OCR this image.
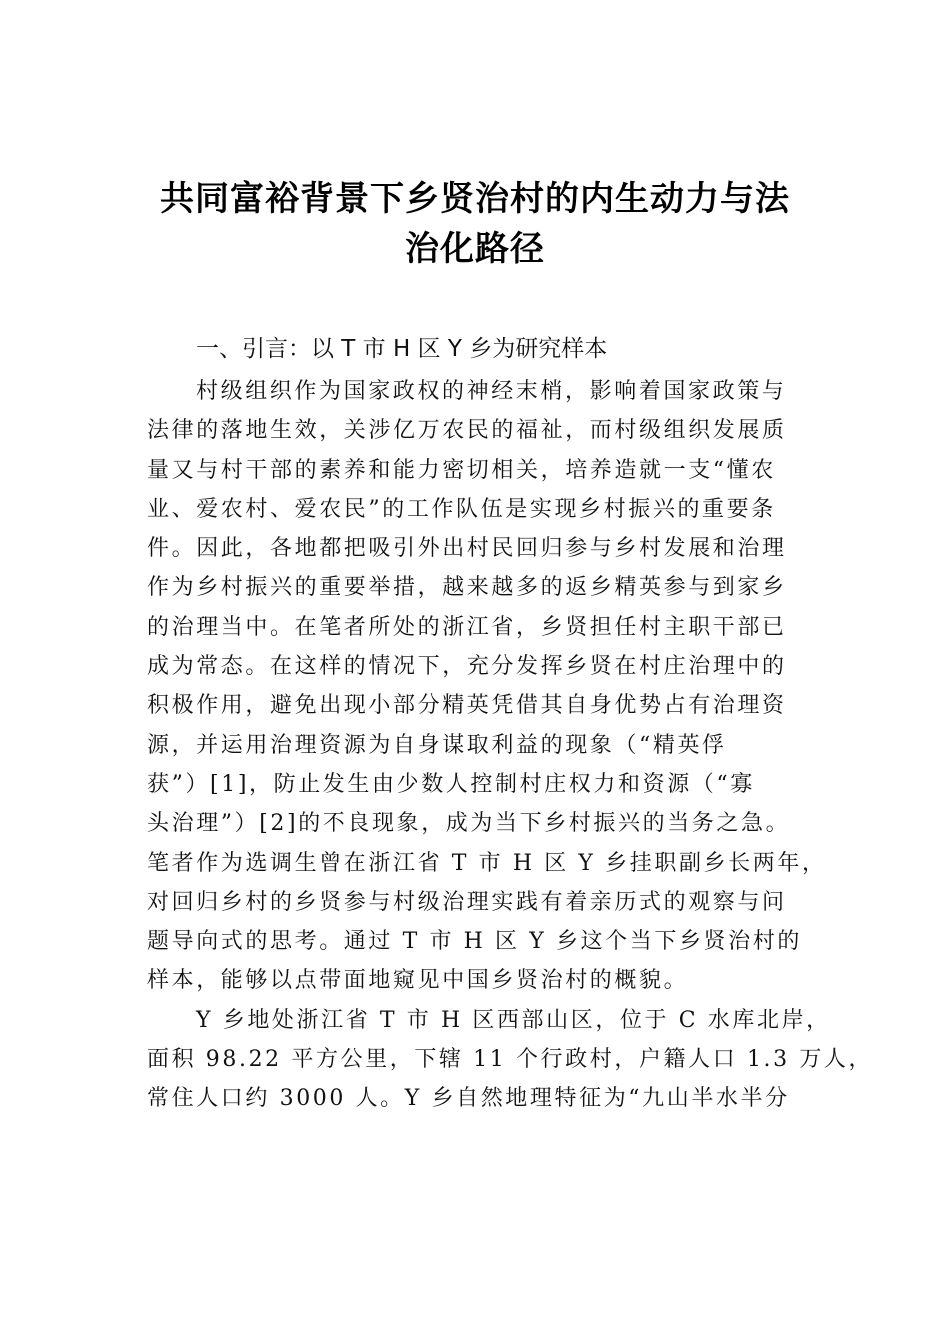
共同富裕背景下乡贤治村的内生动力与法
治化路径
一、引言：以 T 市 H 区 Y 乡为研究样本

村级组织作为国家政权的神经末梢，影响着国家政策与
法律的落地生效，关涉亿万农民的福祉，而村级组织发展质
量又与村干部的素养和能力密切相关，培养造就一支“懂农
业、爱农村、爱农民”的工作队伍是实现乡村振兴的重要条
件。因此，各地都把吸引外出村民回归参与乡村发展和治理
作为乡村振兴的重要举措，越来越多的返乡精英参与到家乡
的治理当中。在笔者所处的浙江省，乡贤担任村主职干部已
成为常态。在这样的情况下，充分发挥乡贤在村庄治理中的
积极作用，避免出现小部分精英凭借其自身优势占有治理资
源，并运用治理资源为自身谋取利益的现象（“精英俘
获”）[1]，防止发生由少数人控制村庄权力和资源（“寡
头治理”）[2]的不良现象，成为当下乡村振兴的当务之急。
笔者作为选调生曾在浙江省 T 市 H 区 Y 乡挂职副乡长两年，
对回归乡村的乡贤参与村级治理实践有着亲历式的观察与问
题导向式的思考。通过 T 市 H 区 Y 乡这个当下乡贤治村的
样本，能够以点带面地窥见中国乡贤治村的概貌。

Y 乡地处浙江省 T 市 H 区西部山区，位于 C 水库北岸，
面积 98.22 平方公里，下辖 11 个行政村，户籍人口 1.3 万人，
常住人口约 3000 人。Y 乡自然地理特征为“九山半水半分
